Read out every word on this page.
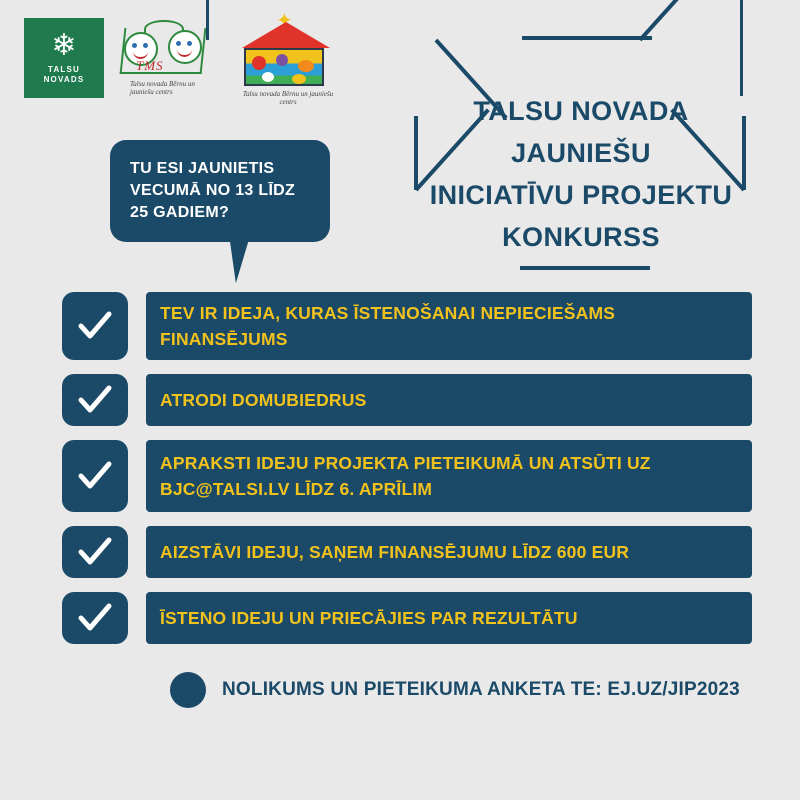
❄
TALSU
NOVADS
TMS
Talsu novada Bērnu un jauniešu centrs
✦
Talsu novada Bērnu un jauniešu centrs
TU ESI JAUNIETIS VECUMĀ NO 13 LĪDZ 25 GADIEM?
TALSU NOVADA JAUNIEŠU
INICIATĪVU PROJEKTU
KONKURSS
TEV IR IDEJA, KURAS ĪSTENOŠANAI NEPIECIEŠAMS FINANSĒJUMS
ATRODI DOMUBIEDRUS
APRAKSTI IDEJU PROJEKTA PIETEIKUMĀ UN ATSŪTI UZ BJC@TALSI.LV LĪDZ 6. APRĪLIM
AIZSTĀVI IDEJU, SAŅEM FINANSĒJUMU LĪDZ 600 EUR
ĪSTENO IDEJU UN PRIECĀJIES PAR REZULTĀTU
NOLIKUMS UN PIETEIKUMA ANKETA TE: EJ.UZ/JIP2023
